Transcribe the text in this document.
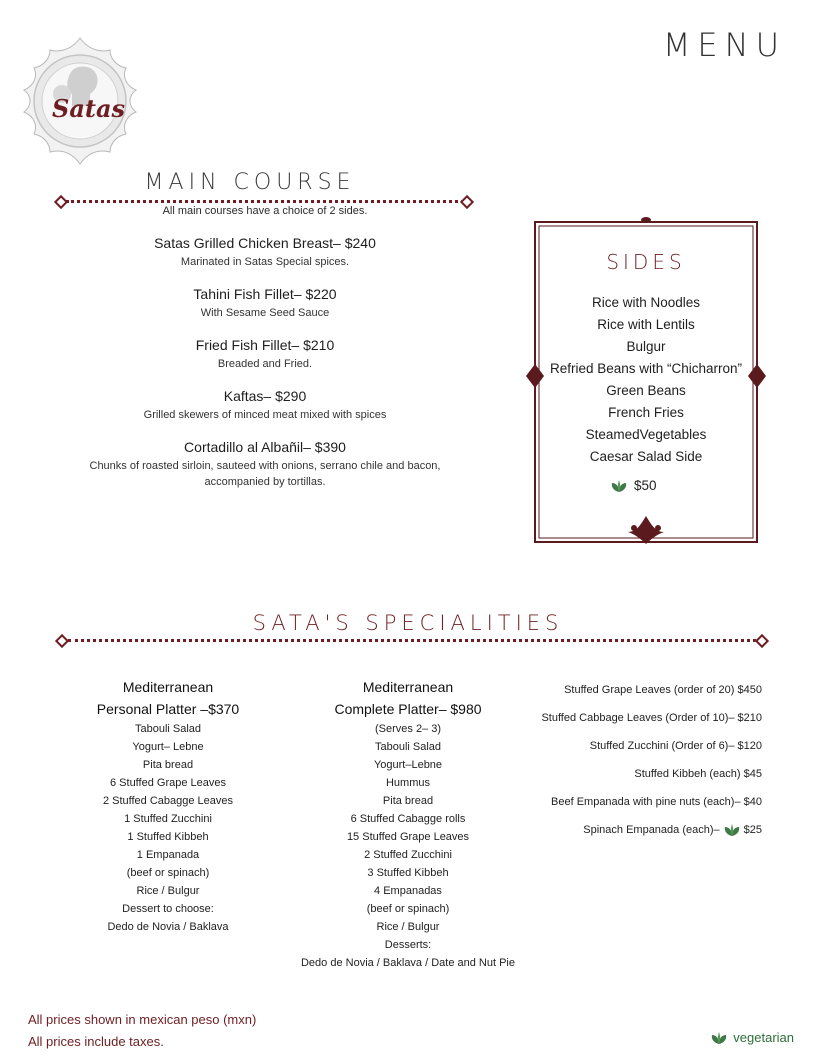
Satas
MENU
MAIN COURSE
All main courses have a choice of 2 sides.
Satas Grilled Chicken Breast– $240
Marinated in Satas Special spices.
Tahini Fish Fillet– $220
With Sesame Seed Sauce
Fried Fish Fillet– $210
Breaded and Fried.
Kaftas– $290
Grilled skewers of minced meat mixed with spices
Cortadillo al Albañil– $390
Chunks of roasted sirloin, sauteed with onions, serrano chile and bacon, accompanied by tortillas.
SIDES
Rice with Noodles
Rice with Lentils
Bulgur
Refried Beans with “Chicharron”
Green Beans
French Fries
SteamedVegetables
Caesar Salad Side
$50
SATA'S SPECIALITIES
Mediterranean
Personal Platter –$370
Tabouli Salad
Yogurt– Lebne
Pita bread
6 Stuffed Grape Leaves
2 Stuffed Cabagge Leaves
1 Stuffed Zucchini
1 Stuffed Kibbeh
1 Empanada
(beef or spinach)
Rice / Bulgur
Dessert to choose:
Dedo de Novia / Baklava
Mediterranean
Complete Platter– $980
(Serves 2– 3)
Tabouli Salad
Yogurt–Lebne
Hummus
Pita bread
6 Stuffed Cabagge rolls
15 Stuffed Grape Leaves
2 Stuffed Zucchini
3 Stuffed Kibbeh
4 Empanadas
(beef or spinach)
Rice / Bulgur
Desserts:
Dedo de Novia / Baklava / Date and Nut Pie
Stuffed Grape Leaves (order of 20) $450
Stuffed Cabbage Leaves (Order of 10)– $210
Stuffed Zucchini (Order of 6)– $120
Stuffed Kibbeh (each) $45
Beef Empanada with pine nuts (each)– $40
Spinach Empanada (each)– $25
All prices shown in mexican peso (mxn)
All prices include taxes.	vegetarian
